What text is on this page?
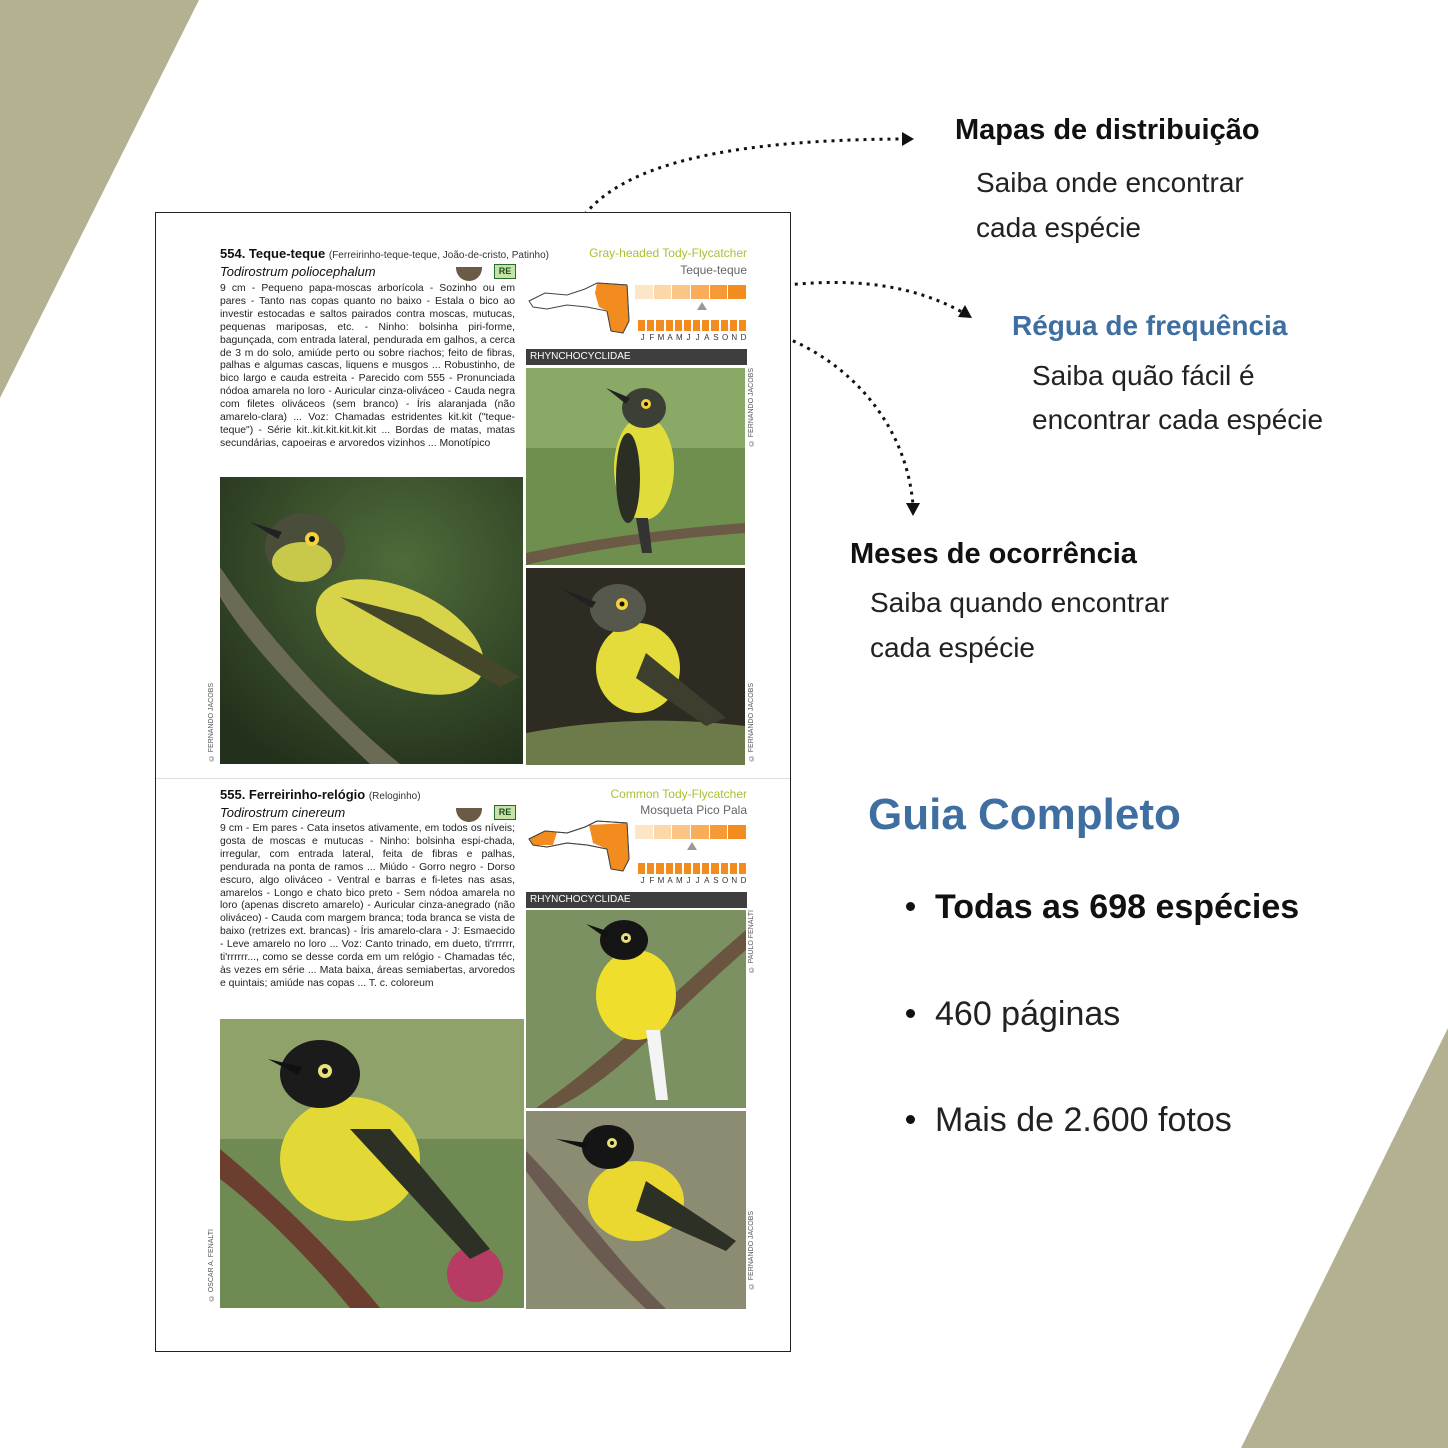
554. Teque-teque (Ferreirinho-teque-teque, João-de-cristo, Patinho)
Todirostrum poliocephalum	RE
Gray-headed Tody-Flycatcher
Teque-teque
9 cm - Pequeno papa-moscas arborícola - Sozinho ou em pares - Tanto nas copas quanto no baixo - Estala o bico ao investir estocadas e saltos pairados contra moscas, mutucas, pequenas mariposas, etc. - Ninho: bolsinha piri-forme, bagunçada, com entrada lateral, pendurada em galhos, a cerca de 3 m do solo, amiúde perto ou sobre riachos; feito de fibras, palhas e algumas cascas, liquens e musgos ... Robustinho, de bico largo e cauda estreita - Parecido com 555 - Pronunciada nódoa amarela no loro - Auricular cinza-oliváceo - Cauda negra com filetes oliváceos (sem branco) - Íris alaranjada (não amarelo-clara) ... Voz: Chamadas estridentes kit.kit ("teque-teque") - Série kit..kit.kit.kit.kit.kit ... Bordas de matas, matas secundárias, capoeiras e arvoredos vizinhos ... Monotípico
J F M A M J J A S O N D
RHYNCHOCYCLIDAE
© FERNANDO JACOBS
© FERNANDO JACOBS
© FERNANDO JACOBS
555. Ferreirinho-relógio (Reloginho)
Todirostrum cinereum	RE
Common Tody-Flycatcher
Mosqueta Pico Pala
9 cm - Em pares - Cata insetos ativamente, em todos os níveis; gosta de moscas e mutucas - Ninho: bolsinha espi-chada, irregular, com entrada lateral, feita de fibras e palhas, pendurada na ponta de ramos ... Miúdo - Gorro negro - Dorso escuro, algo oliváceo - Ventral e barras e fi-letes nas asas, amarelos - Longo e chato bico preto - Sem nódoa amarela no loro (apenas discreto amarelo) - Auricular cinza-anegrado (não oliváceo) - Cauda com margem branca; toda branca se vista de baixo (retrizes ext. brancas) - Íris amarelo-clara - J: Esmaecido - Leve amarelo no loro ... Voz: Canto trinado, em dueto, ti'rrrrrr, ti'rrrrrr..., como se desse corda em um relógio - Chamadas téc, às vezes em série ... Mata baixa, áreas semiabertas, arvoredos e quintais; amiúde nas copas ... T. c. coloreum
J F M A M J J A S O N D
RHYNCHOCYCLIDAE
© OSCAR A. FENALTI
© PAULO FENALTI
© FERNANDO JACOBS
Mapas de distribuição
Saiba onde encontrar
cada espécie
Régua de frequência
Saiba quão fácil é
encontrar cada espécie
Meses de ocorrência
Saiba quando encontrar
cada espécie
Guia Completo
Todas as 698 espécies
460 páginas
Mais de 2.600 fotos
